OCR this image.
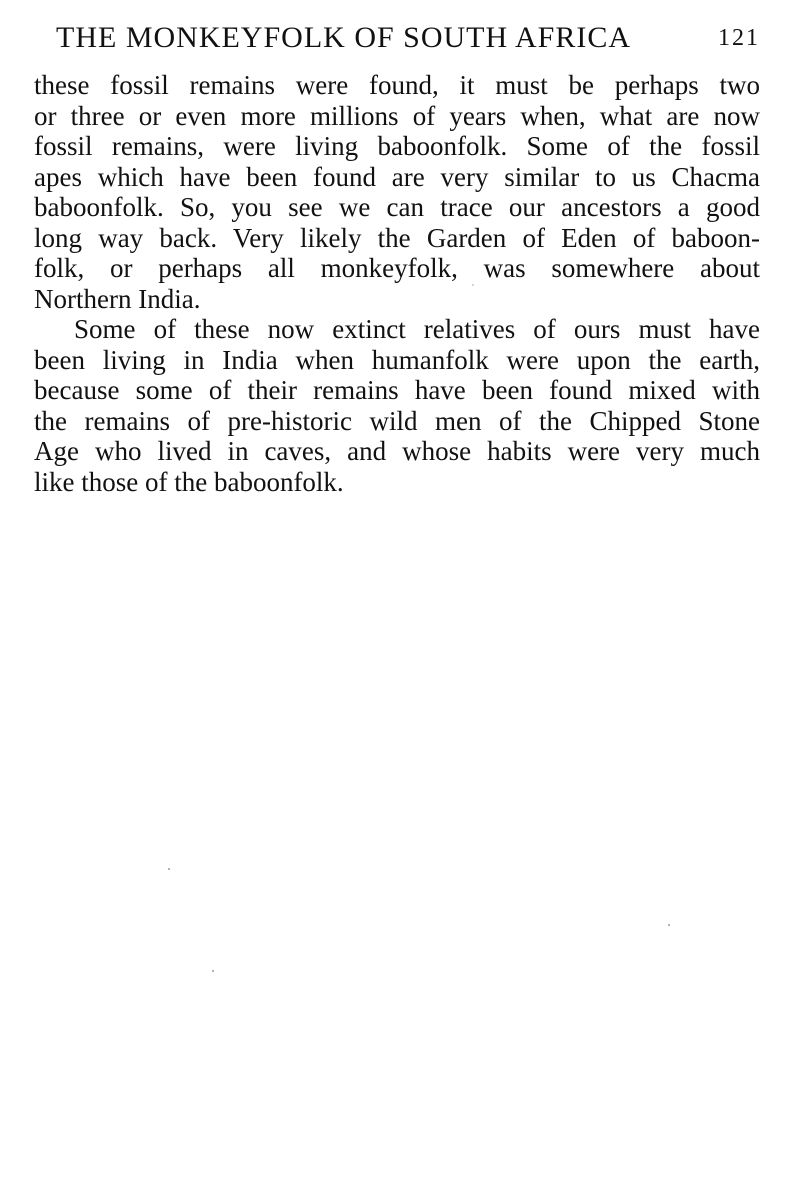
THE MONKEYFOLK OF SOUTH AFRICA	121
these fossil remains were found, it must be perhaps two
or three or even more millions of years when, what are now
fossil remains, were living baboonfolk. Some of the fossil
apes which have been found are very similar to us Chacma
baboonfolk. So, you see we can trace our ancestors a good
long way back. Very likely the Garden of Eden of baboon-
folk, or perhaps all monkeyfolk, was somewhere about
Northern India.
Some of these now extinct relatives of ours must have
been living in India when humanfolk were upon the earth,
because some of their remains have been found mixed with
the remains of pre-historic wild men of the Chipped Stone
Age who lived in caves, and whose habits were very much
like those of the baboonfolk.
